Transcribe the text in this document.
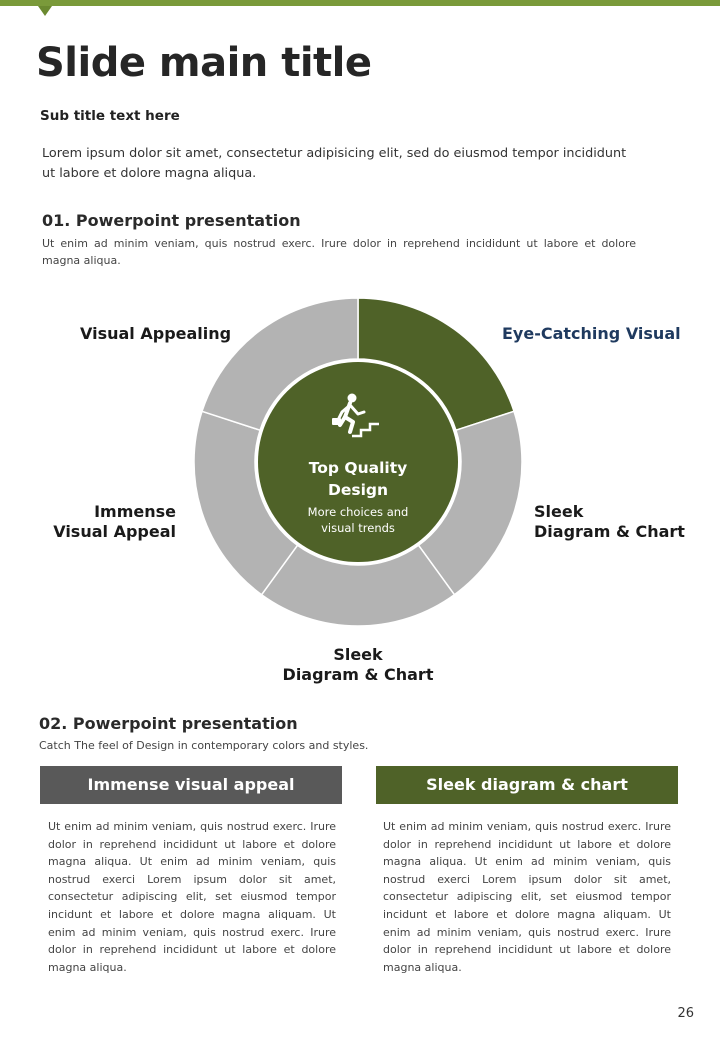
Slide main title
Sub title text here
Lorem ipsum dolor sit amet, consectetur adipisicing elit, sed do eiusmod tempor incididunt ut labore et dolore magna aliqua.
01. Powerpoint presentation
Ut enim ad minim veniam, quis nostrud exerc. Irure dolor in reprehend incididunt ut labore et dolore magna aliqua.
Top Quality
Design
More choices and
visual trends
Visual Appealing	Eye-Catching Visual
Immense
Visual Appeal
Sleek
Diagram & Chart
Sleek
Diagram & Chart
02. Powerpoint presentation
Catch The feel of Design in contemporary colors and styles.
Immense visual appeal	Sleek diagram & chart
Ut enim ad minim veniam, quis nostrud exerc. Irure dolor in reprehend incididunt ut labore et dolore magna aliqua. Ut enim ad minim veniam, quis nostrud exerci Lorem ipsum dolor sit amet, consectetur adipiscing elit, set eiusmod tempor incidunt et labore et dolore magna aliquam. Ut enim ad minim veniam, quis nostrud exerc. Irure dolor in reprehend incididunt ut labore et dolore magna aliqua.
Ut enim ad minim veniam, quis nostrud exerc. Irure dolor in reprehend incididunt ut labore et dolore magna aliqua. Ut enim ad minim veniam, quis nostrud exerci Lorem ipsum dolor sit amet, consectetur adipiscing elit, set eiusmod tempor incidunt et labore et dolore magna aliquam. Ut enim ad minim veniam, quis nostrud exerc. Irure dolor in reprehend incididunt ut labore et dolore magna aliqua.
26
